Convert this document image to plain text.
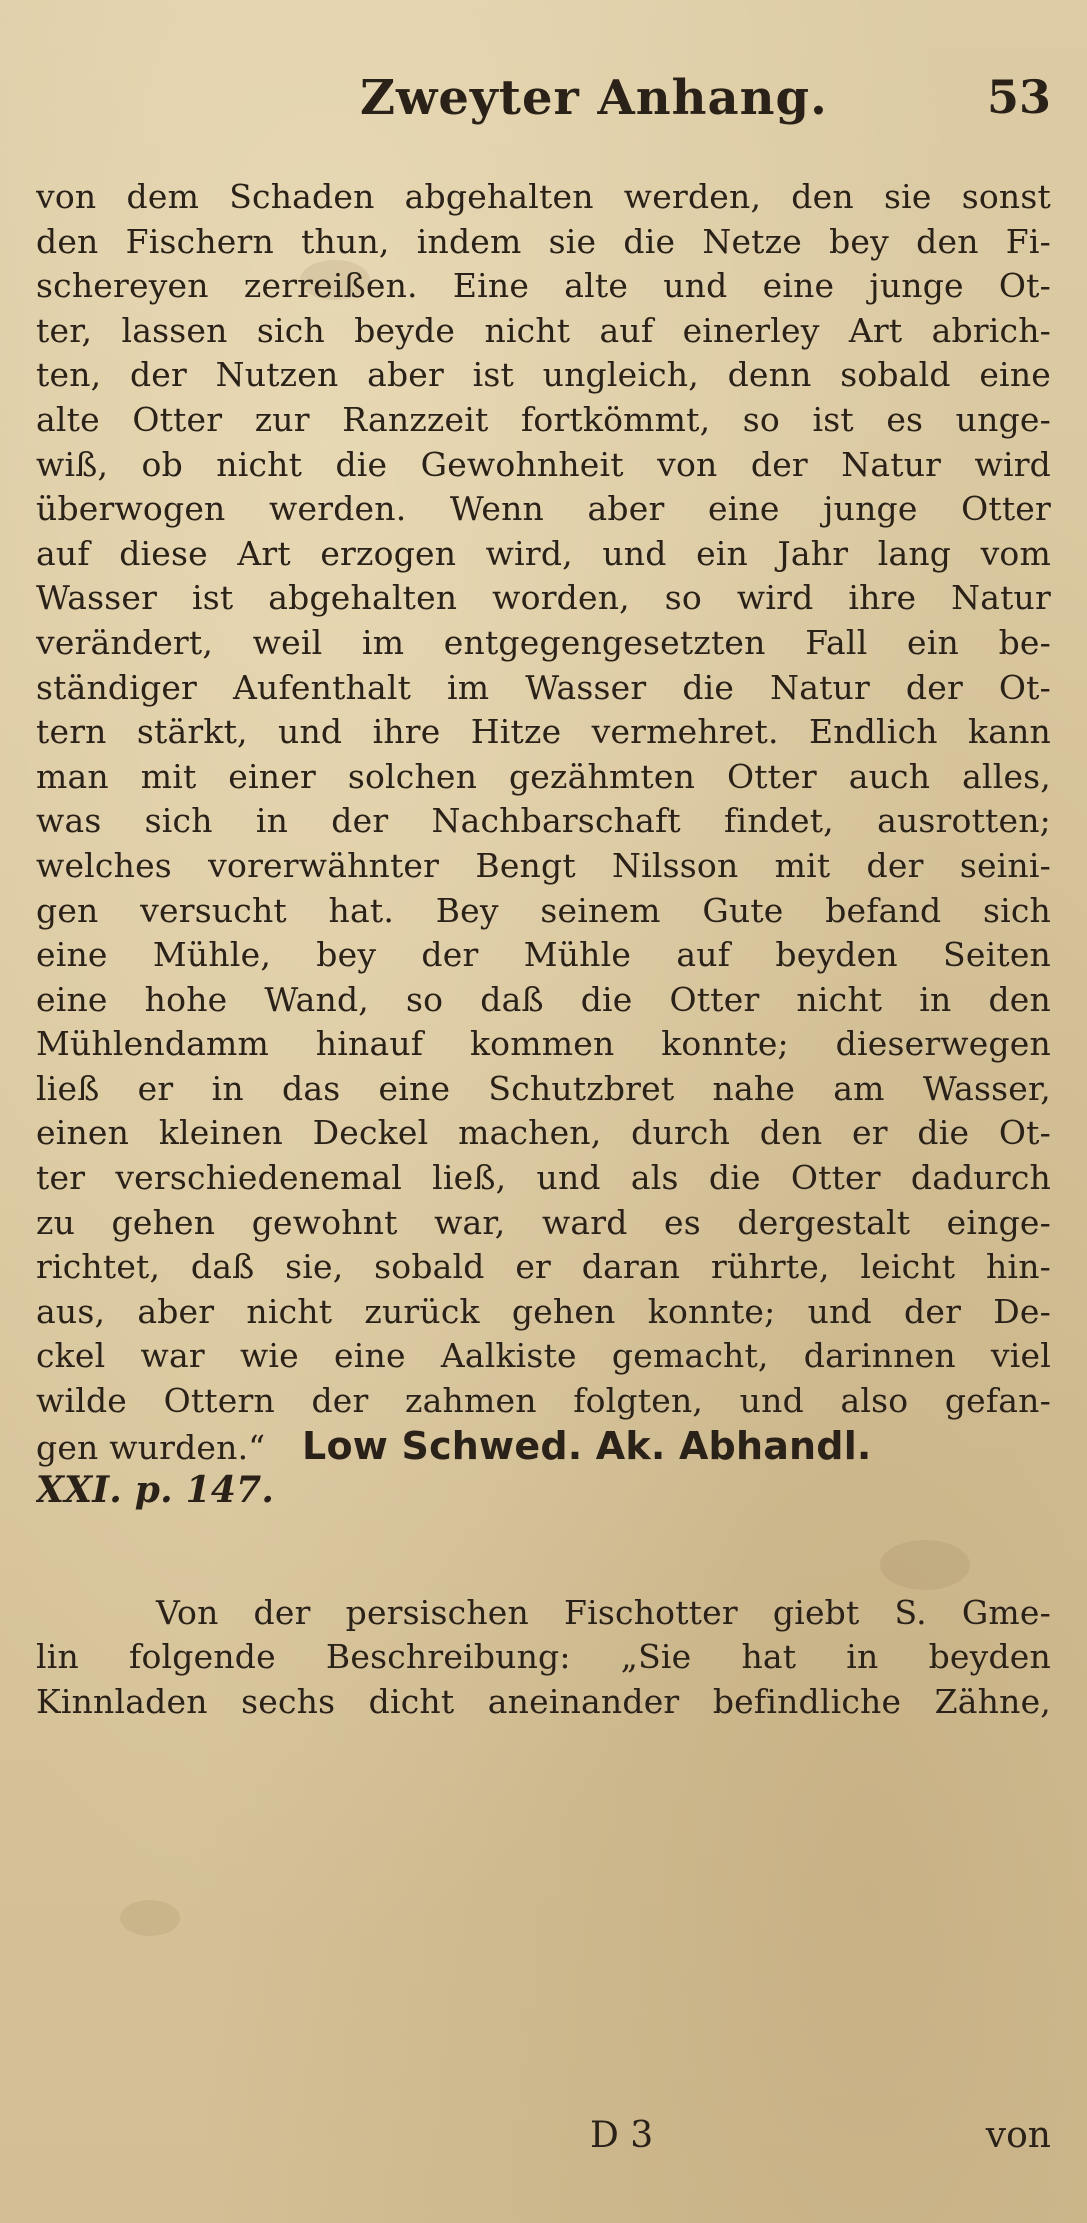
Zweyter Anhang.	53
von dem Schaden abgehalten werden, den sie sonst
den Fischern thun, indem sie die Netze bey den Fi-
schereyen zerreißen. Eine alte und eine junge Ot-
ter, lassen sich beyde nicht auf einerley Art abrich-
ten, der Nutzen aber ist ungleich, denn sobald eine
alte Otter zur Ranzzeit fortkömmt, so ist es unge-
wiß, ob nicht die Gewohnheit von der Natur wird
überwogen werden. Wenn aber eine junge Otter
auf diese Art erzogen wird, und ein Jahr lang vom
Wasser ist abgehalten worden, so wird ihre Natur
verändert, weil im entgegengesetzten Fall ein be-
ständiger Aufenthalt im Wasser die Natur der Ot-
tern stärkt, und ihre Hitze vermehret. Endlich kann
man mit einer solchen gezähmten Otter auch alles,
was sich in der Nachbarschaft findet, ausrotten;
welches vorerwähnter Bengt Nilsson mit der seini-
gen versucht hat. Bey seinem Gute befand sich
eine Mühle, bey der Mühle auf beyden Seiten
eine hohe Wand, so daß die Otter nicht in den
Mühlendamm hinauf kommen konnte; dieserwegen
ließ er in das eine Schutzbret nahe am Wasser,
einen kleinen Deckel machen, durch den er die Ot-
ter verschiedenemal ließ, und als die Otter dadurch
zu gehen gewohnt war, ward es dergestalt einge-
richtet, daß sie, sobald er daran rührte, leicht hin-
aus, aber nicht zurück gehen konnte; und der De-
ckel war wie eine Aalkiste gemacht, darinnen viel
wilde Ottern der zahmen folgten, und also gefan-
gen wurden.“ Low Schwed. Ak. Abhandl.
XXI. p. 147.
Von der persischen Fischotter giebt S. Gme-
lin folgende Beschreibung: „Sie hat in beyden
Kinnladen sechs dicht aneinander befindliche Zähne,
D 3	von
